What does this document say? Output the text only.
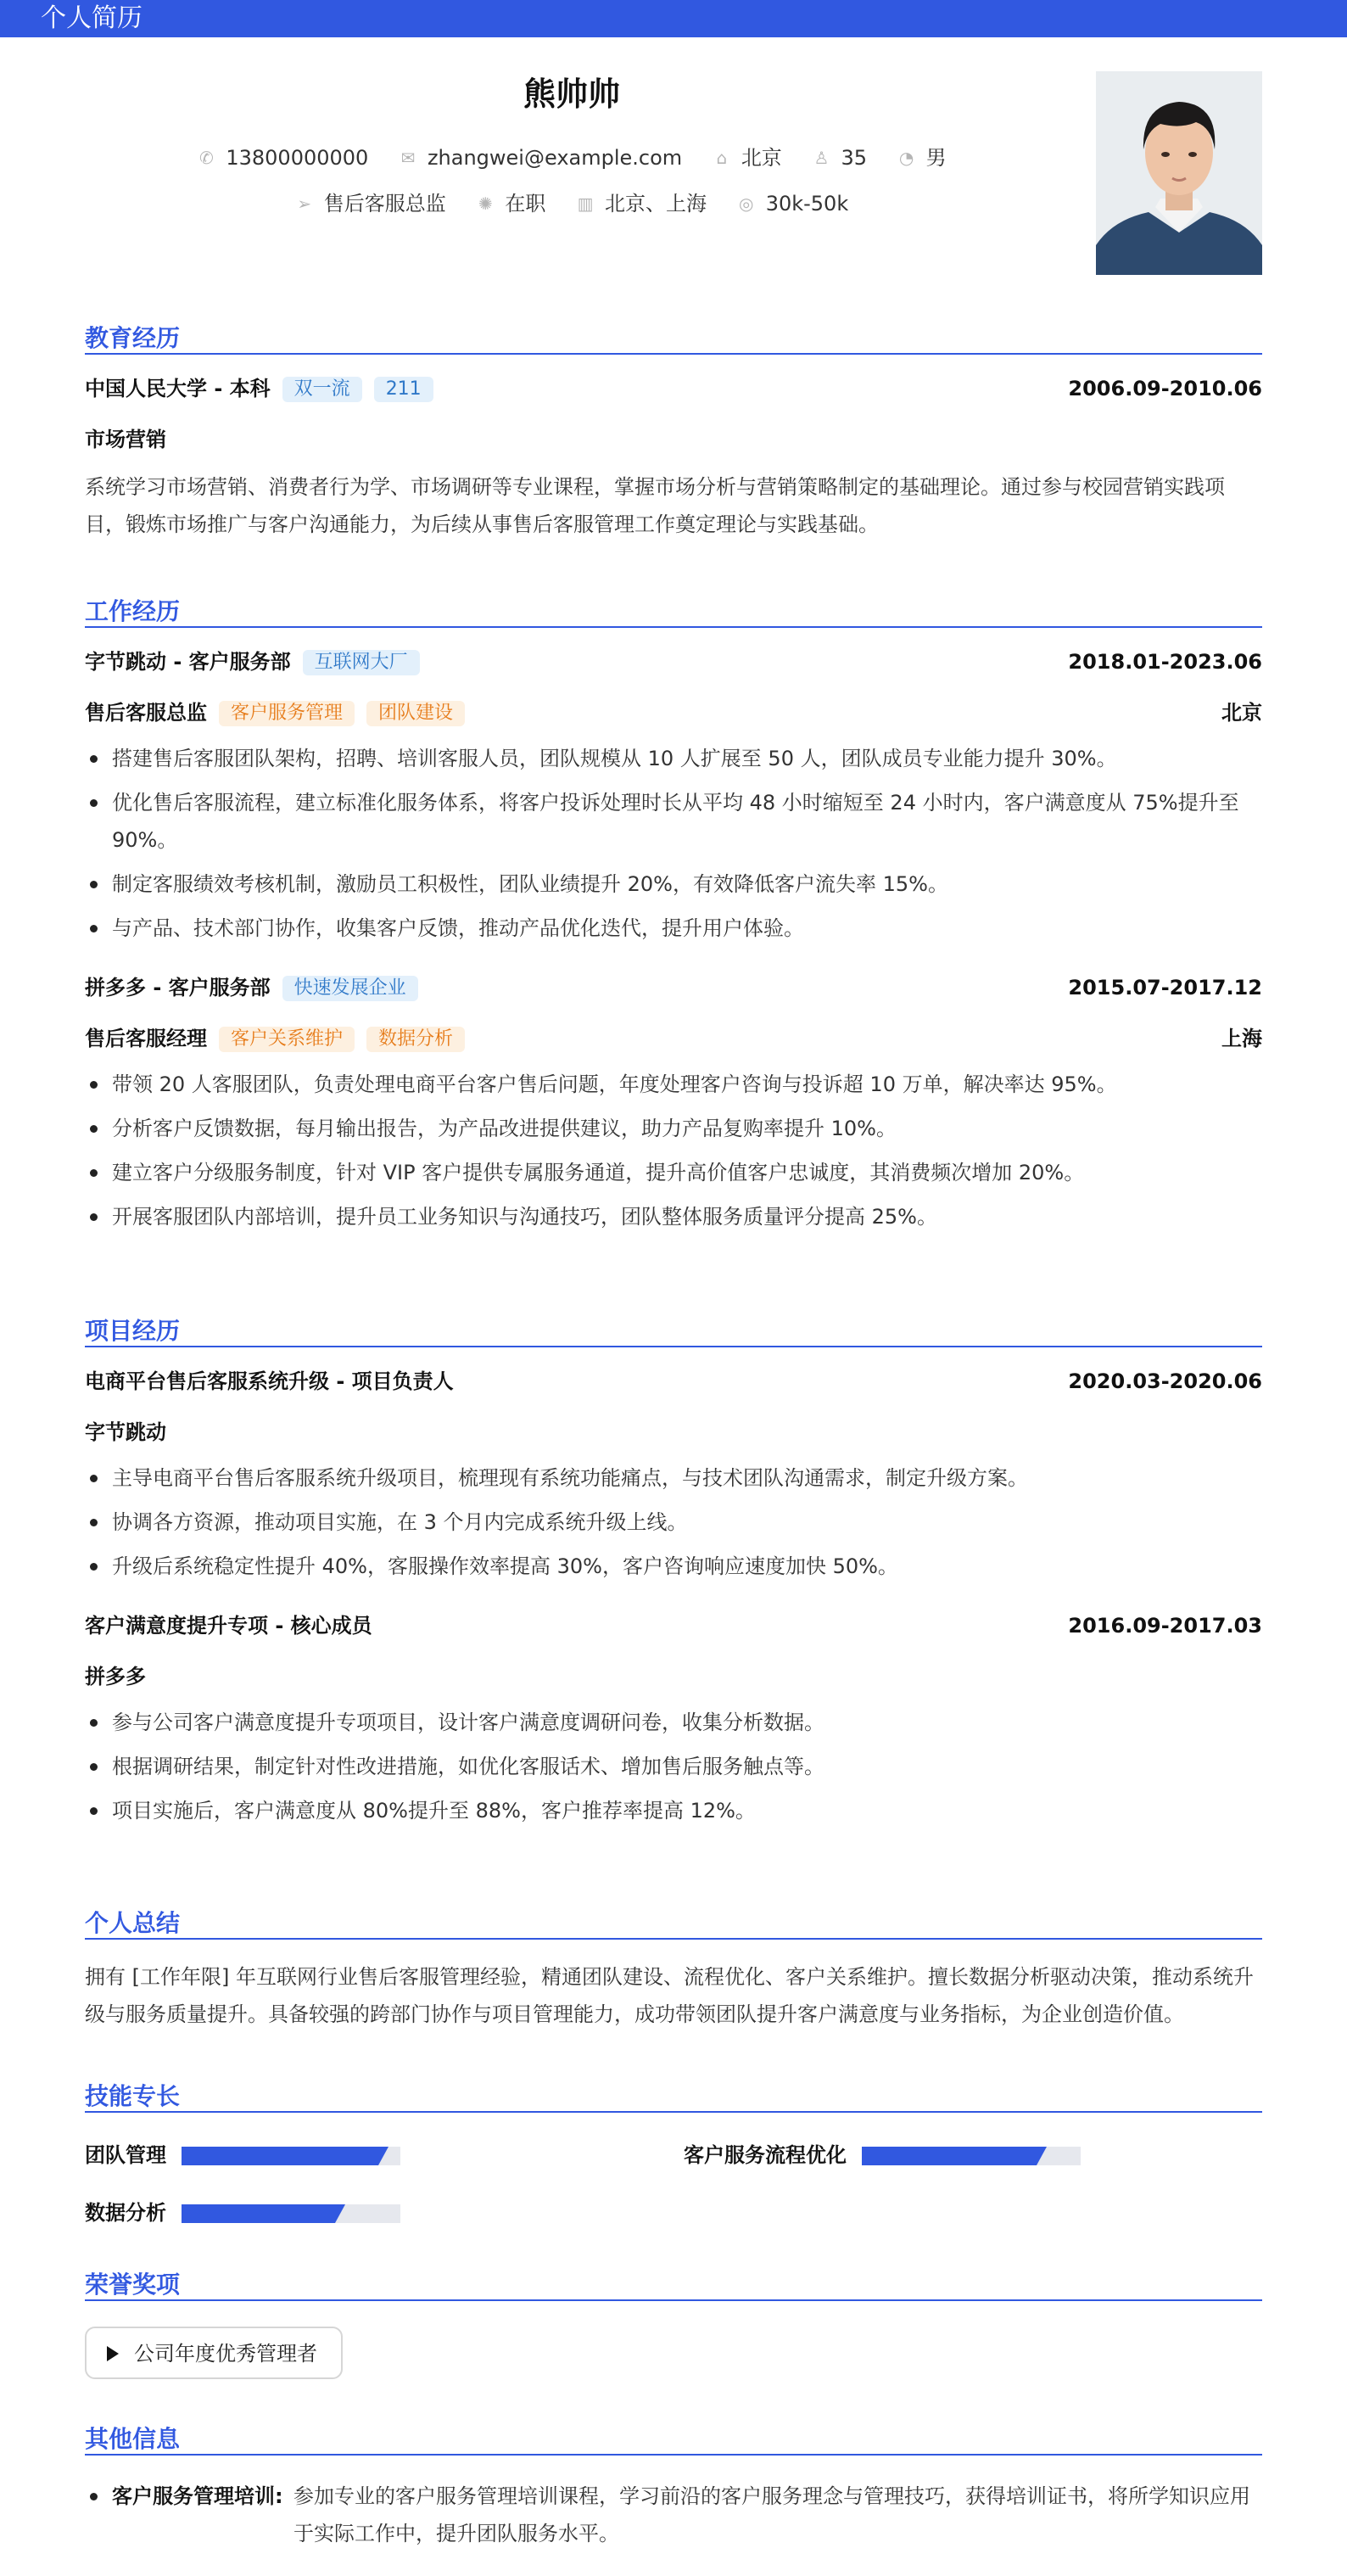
个人简历
熊帅帅
✆ 13800000000 ✉ zhangwei@example.com ⌂ 北京 ♙ 35 ◔ 男
➢ 售后客服总监 ✺ 在职 ▥ 北京、上海 ◎ 30k-50k
教育经历
中国人民大学 - 本科 双一流 211	2006.09-2010.06
市场营销
系统学习市场营销、消费者行为学、市场调研等专业课程，掌握市场分析与营销策略制定的基础理论。通过参与校园营销实践项目，锻炼市场推广与客户沟通能力，为后续从事售后客服管理工作奠定理论与实践基础。
工作经历
字节跳动 - 客户服务部 互联网大厂	2018.01-2023.06
售后客服总监 客户服务管理 团队建设	北京
搭建售后客服团队架构，招聘、培训客服人员，团队规模从 10 人扩展至 50 人，团队成员专业能力提升 30%。
优化售后客服流程，建立标准化服务体系，将客户投诉处理时长从平均 48 小时缩短至 24 小时内，客户满意度从 75%提升至 90%。
制定客服绩效考核机制，激励员工积极性，团队业绩提升 20%，有效降低客户流失率 15%。
与产品、技术部门协作，收集客户反馈，推动产品优化迭代，提升用户体验。
拼多多 - 客户服务部 快速发展企业	2015.07-2017.12
售后客服经理 客户关系维护 数据分析	上海
带领 20 人客服团队，负责处理电商平台客户售后问题，年度处理客户咨询与投诉超 10 万单，解决率达 95%。
分析客户反馈数据，每月输出报告，为产品改进提供建议，助力产品复购率提升 10%。
建立客户分级服务制度，针对 VIP 客户提供专属服务通道，提升高价值客户忠诚度，其消费频次增加 20%。
开展客服团队内部培训，提升员工业务知识与沟通技巧，团队整体服务质量评分提高 25%。
项目经历
电商平台售后客服系统升级 - 项目负责人	2020.03-2020.06
字节跳动
主导电商平台售后客服系统升级项目，梳理现有系统功能痛点，与技术团队沟通需求，制定升级方案。
协调各方资源，推动项目实施，在 3 个月内完成系统升级上线。
升级后系统稳定性提升 40%，客服操作效率提高 30%，客户咨询响应速度加快 50%。
客户满意度提升专项 - 核心成员	2016.09-2017.03
拼多多
参与公司客户满意度提升专项项目，设计客户满意度调研问卷，收集分析数据。
根据调研结果，制定针对性改进措施，如优化客服话术、增加售后服务触点等。
项目实施后，客户满意度从 80%提升至 88%，客户推荐率提高 12%。
个人总结
拥有 [工作年限] 年互联网行业售后客服管理经验，精通团队建设、流程优化、客户关系维护。擅长数据分析驱动决策，推动系统升级与服务质量提升。具备较强的跨部门协作与项目管理能力，成功带领团队提升客户满意度与业务指标，为企业创造价值。
技能专长
团队管理	客户服务流程优化
数据分析
荣誉奖项
公司年度优秀管理者
其他信息
客户服务管理培训: 参加专业的客户服务管理培训课程，学习前沿的客户服务理念与管理技巧，获得培训证书，将所学知识应用于实际工作中，提升团队服务水平。
